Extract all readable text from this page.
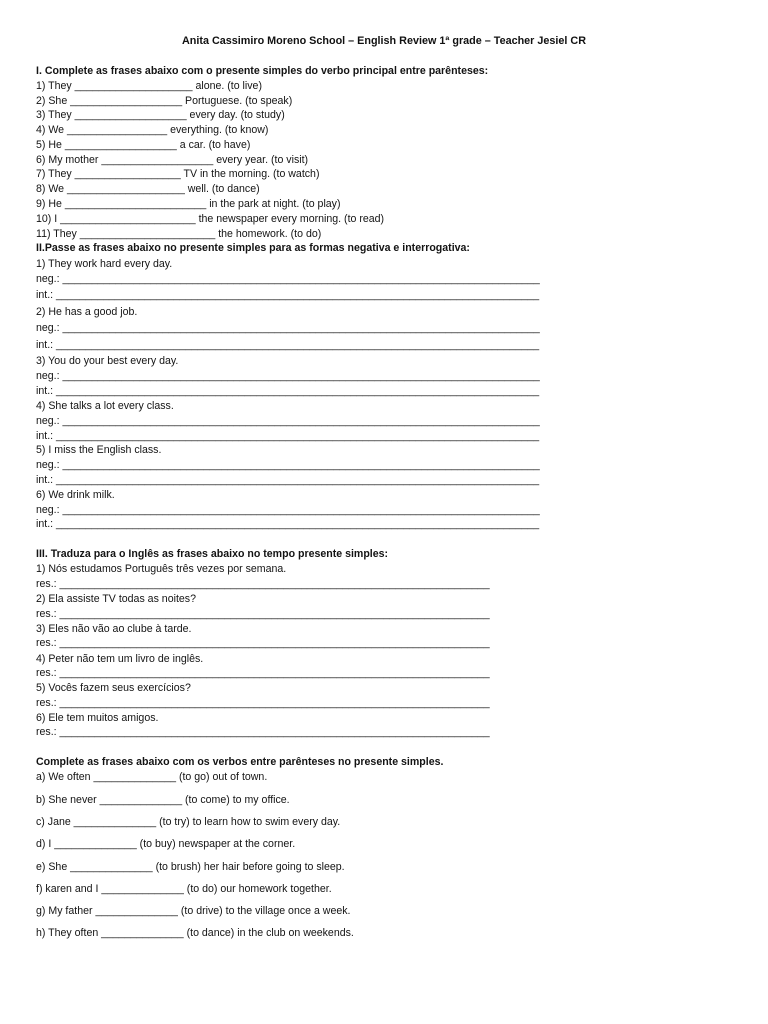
Anita Cassimiro Moreno School – English Review 1ª grade – Teacher Jesiel CR
I. Complete as frases abaixo com o presente simples do verbo principal entre parênteses:
1) They ____________________ alone. (to live)
2) She ___________________ Portuguese. (to speak)
3) They ___________________ every day. (to study)
4) We _________________ everything. (to know)
5) He ___________________ a car. (to have)
6) My mother ___________________ every year. (to visit)
7) They __________________ TV in the morning. (to watch)
8) We ____________________ well. (to dance)
9) He ________________________ in the park at night. (to play)
10) I _______________________ the newspaper every morning. (to read)
11) They _______________________ the homework. (to do)
II.Passe as frases abaixo no presente simples para as formas negativa e interrogativa:
1) They work hard every day.
neg.: _________________________________________________________________________________
int.: __________________________________________________________________________________
2) He has a good job.
neg.: _________________________________________________________________________________
int.: __________________________________________________________________________________
3) You do your best every day.
neg.: _________________________________________________________________________________
int.: __________________________________________________________________________________
4) She talks a lot every class.
neg.: _________________________________________________________________________________
int.: __________________________________________________________________________________
5) I miss the English class.
neg.: _________________________________________________________________________________
int.: __________________________________________________________________________________
6) We drink milk.
neg.: _________________________________________________________________________________
int.: __________________________________________________________________________________
III. Traduza para o Inglês as frases abaixo no tempo presente simples:
1) Nós estudamos Português três vezes por semana.
res.: _________________________________________________________________________
2) Ela assiste TV todas as noites?
res.: _________________________________________________________________________
3) Eles não vão ao clube à tarde.
res.: _________________________________________________________________________
4) Peter não tem um livro de inglês.
res.: _________________________________________________________________________
5) Vocês fazem seus exercícios?
res.: _________________________________________________________________________
6) Ele tem muitos amigos.
res.: _________________________________________________________________________
Complete as frases abaixo com os verbos entre parênteses no presente simples.
a) We often ______________ (to go) out of town.
b) She never ______________ (to come) to my office.
c) Jane ______________ (to try) to learn how to swim every day.
d) I ______________ (to buy) newspaper at the corner.
e) She ______________ (to brush) her hair before going to sleep.
f) karen and I ______________ (to do) our homework together.
g) My father ______________ (to drive) to the village once a week.
h) They often ______________ (to dance) in the club on weekends.
